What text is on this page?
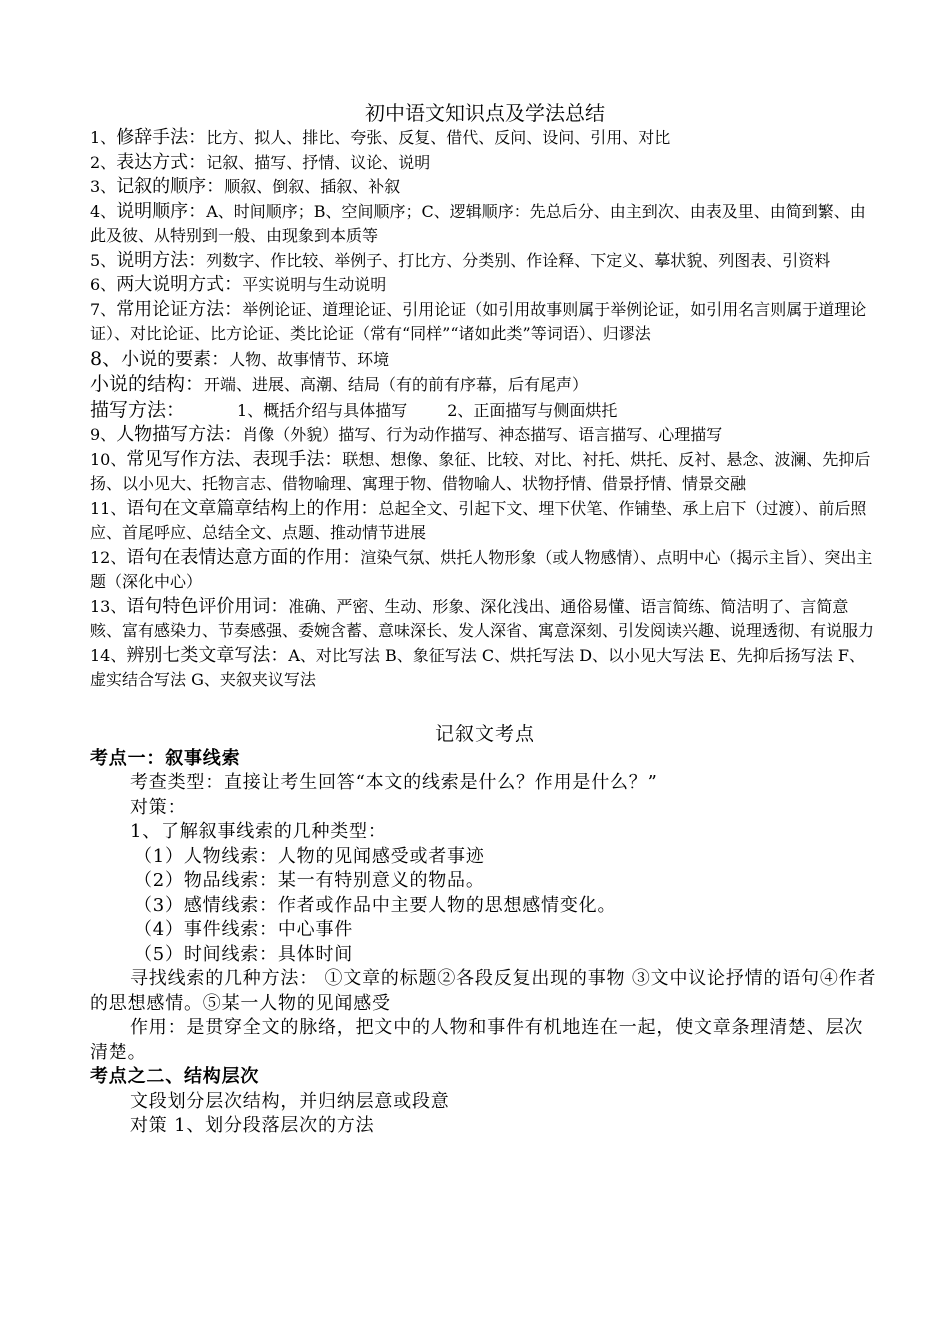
初中语文知识点及学法总结

1、修辞手法：比方、拟人、排比、夸张、反复、借代、反问、设问、引用、对比

2、表达方式：记叙、描写、抒情、议论、说明

3、记叙的顺序：顺叙、倒叙、插叙、补叙

4、说明顺序：A、时间顺序；B、空间顺序；C、逻辑顺序：先总后分、由主到次、由表及里、由简到繁、由此及彼、从特别到一般、由现象到本质等

5、说明方法：列数字、作比较、举例子、打比方、分类别、作诠释、下定义、摹状貌、列图表、引资料

6、两大说明方式：平实说明与生动说明

7、常用论证方法：举例论证、道理论证、引用论证（如引用故事则属于举例论证，如引用名言则属于道理论证）、对比论证、比方论证、类比论证（常有“同样”“诸如此类”等词语）、归谬法

8、小说的要素：人物、故事情节、环境

小说的结构：开端、进展、高潮、结局（有的前有序幕，后有尾声）

描写方法：	1、概括介绍与具体描写	2、正面描写与侧面烘托

9、人物描写方法：肖像（外貌）描写、行为动作描写、神态描写、语言描写、心理描写

10、常见写作方法、表现手法：联想、想像、象征、比较、对比、衬托、烘托、反衬、悬念、波澜、先抑后扬、以小见大、托物言志、借物喻理、寓理于物、借物喻人、状物抒情、借景抒情、情景交融

11、语句在文章篇章结构上的作用：总起全文、引起下文、埋下伏笔、作铺垫、承上启下（过渡）、前后照应、首尾呼应、总结全文、点题、推动情节进展

12、语句在表情达意方面的作用：渲染气氛、烘托人物形象（或人物感情）、点明中心（揭示主旨）、突出主题（深化中心）

13、语句特色评价用词：准确、严密、生动、形象、深化浅出、通俗易懂、语言简练、简洁明了、言简意赅、富有感染力、节奏感强、委婉含蓄、意味深长、发人深省、寓意深刻、引发阅读兴趣、说理透彻、有说服力

14、辨别七类文章写法：A、对比写法 B、象征写法 C、烘托写法 D、以小见大写法 E、先抑后扬写法 F、虚实结合写法 G、夹叙夹议写法

记叙文考点

考点一：叙事线索

考查类型：直接让考生回答“本文的线索是什么？作用是什么？”

对策：

1、了解叙事线索的几种类型：

（1）人物线索：人物的见闻感受或者事迹

（2）物品线索：某一有特别意义的物品。

（3）感情线索：作者或作品中主要人物的思想感情变化。

（4）事件线索：中心事件

（5）时间线索：具体时间

寻找线索的几种方法： ①文章的标题②各段反复出现的事物 ③文中议论抒情的语句④作者的思想感情。⑤某一人物的见闻感受

作用：是贯穿全文的脉络，把文中的人物和事件有机地连在一起，使文章条理清楚、层次清楚。

考点之二、结构层次

文段划分层次结构，并归纳层意或段意

对策 1、划分段落层次的方法
